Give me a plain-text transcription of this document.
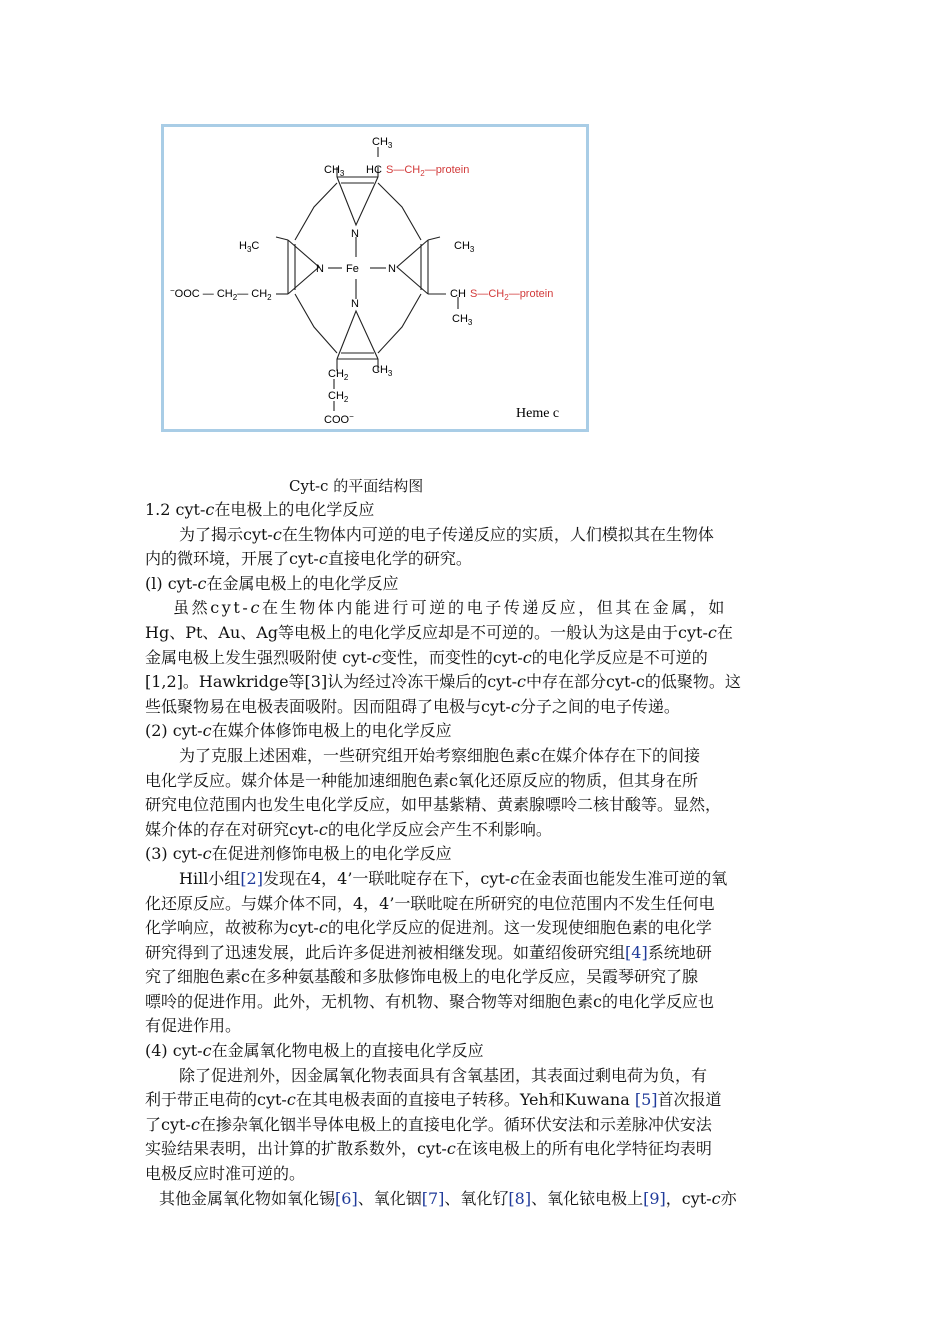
$CH_3$
$CH_3$
HC $S—CH_2—protein$
$H_3C$	$CH_3$
−OOC — $CH_2—$ $CH_2$	CH $S—CH_2—protein$
$CH_3$
N
N	N
N
Fe
$CH_2$
$CH_3$
$CH_2$
COO−	Heme c
Cyt-c 的平面结构图
1.2 cyt-c在电极上的电化学反应
为了揭示cyt-c在生物体内可逆的电子传递反应的实质，人们模拟其在生物体
内的微环境，开展了cyt-c直接电化学的研究。
(l) cyt-c在金属电极上的电化学反应
虽然cyt-c在生物体内能进行可逆的电子传递反应，但其在金属，如
Hg、Pt、Au、Ag等电极上的电化学反应却是不可逆的。一般认为这是由于cyt-c在
金属电极上发生强烈吸附使 cyt-c变性，而变性的cyt-c的电化学反应是不可逆的
[1,2]。Hawkridge等[3]认为经过冷冻干燥后的cyt-c中存在部分cyt-c的低聚物。这
些低聚物易在电极表面吸附。因而阻碍了电极与cyt-c分子之间的电子传递。
(2) cyt-c在媒介体修饰电极上的电化学反应
为了克服上述困难，一些研究组开始考察细胞色素c在媒介体存在下的间接
电化学反应。媒介体是一种能加速细胞色素c氧化还原反应的物质，但其身在所
研究电位范围内也发生电化学反应，如甲基紫精、黄素腺嘌呤二核甘酸等。显然，
媒介体的存在对研究cyt-c的电化学反应会产生不利影响。
(3) cyt-c在促进剂修饰电极上的电化学反应
Hill小组[2]发现在4，4’一联吡啶存在下，cyt-c在金表面也能发生准可逆的氧
化还原反应。与媒介体不同，4，4’一联吡啶在所研究的电位范围内不发生任何电
化学响应，故被称为cyt-c的电化学反应的促进剂。这一发现使细胞色素的电化学
研究得到了迅速发展，此后许多促进剂被相继发现。如董绍俊研究组[4]系统地研
究了细胞色素c在多种氨基酸和多肽修饰电极上的电化学反应，吴霞琴研究了腺
嘌呤的促进作用。此外，无机物、有机物、聚合物等对细胞色素c的电化学反应也
有促进作用。
(4) cyt-c在金属氧化物电极上的直接电化学反应
除了促进剂外，因金属氧化物表面具有含氧基团，其表面过剩电荷为负，有
利于带正电荷的cyt-c在其电极表面的直接电子转移。Yeh和Kuwana [5]首次报道
了cyt-c在掺杂氧化铟半导体电极上的直接电化学。循环伏安法和示差脉冲伏安法
实验结果表明，出计算的扩散系数外，cyt-c在该电极上的所有电化学特征均表明
电极反应时准可逆的。
其他金属氧化物如氧化锡[6]、氧化铟[7]、氧化钌[8]、氧化铱电极上[9]，cyt-c亦
